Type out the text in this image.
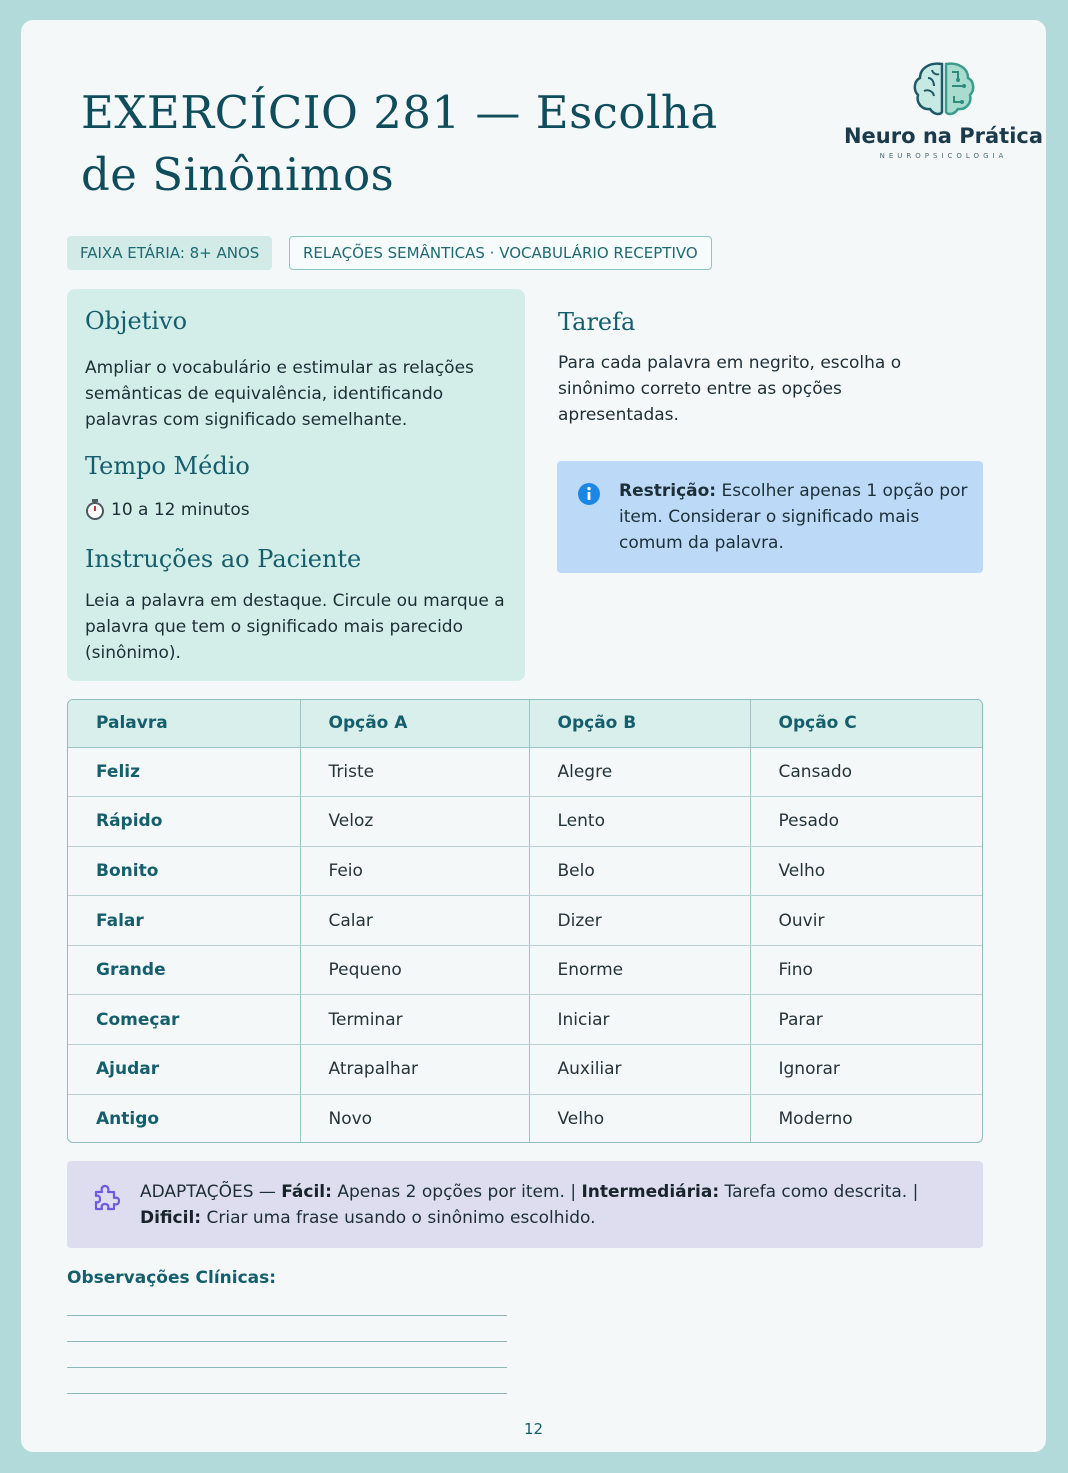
EXERCÍCIO 281 — Escolha de Sinônimos
Neuro na Prática
NEUROPSICOLOGIA
FAIXA ETÁRIA: 8+ ANOS	RELAÇÕES SEMÂNTICAS · VOCABULÁRIO RECEPTIVO
Objetivo
Ampliar o vocabulário e estimular as relações semânticas de equivalência, identificando palavras com significado semelhante.
Tempo Médio
10 a 12 minutos
Instruções ao Paciente
Leia a palavra em destaque. Circule ou marque a palavra que tem o significado mais parecido (sinônimo).
Tarefa
Para cada palavra em negrito, escolha o sinônimo correto entre as opções apresentadas.
Restrição: Escolher apenas 1 opção por item. Considerar o significado mais comum da palavra.
Palavra	Opção A	Opção B	Opção C
Feliz	Triste	Alegre	Cansado
Rápido	Veloz	Lento	Pesado
Bonito	Feio	Belo	Velho
Falar	Calar	Dizer	Ouvir
Grande	Pequeno	Enorme	Fino
Começar	Terminar	Iniciar	Parar
Ajudar	Atrapalhar	Auxiliar	Ignorar
Antigo	Novo	Velho	Moderno
ADAPTAÇÕES — Fácil: Apenas 2 opções por item. | Intermediária: Tarefa como descrita. | Dificil: Criar uma frase usando o sinônimo escolhido.
Observações Clínicas:
12
